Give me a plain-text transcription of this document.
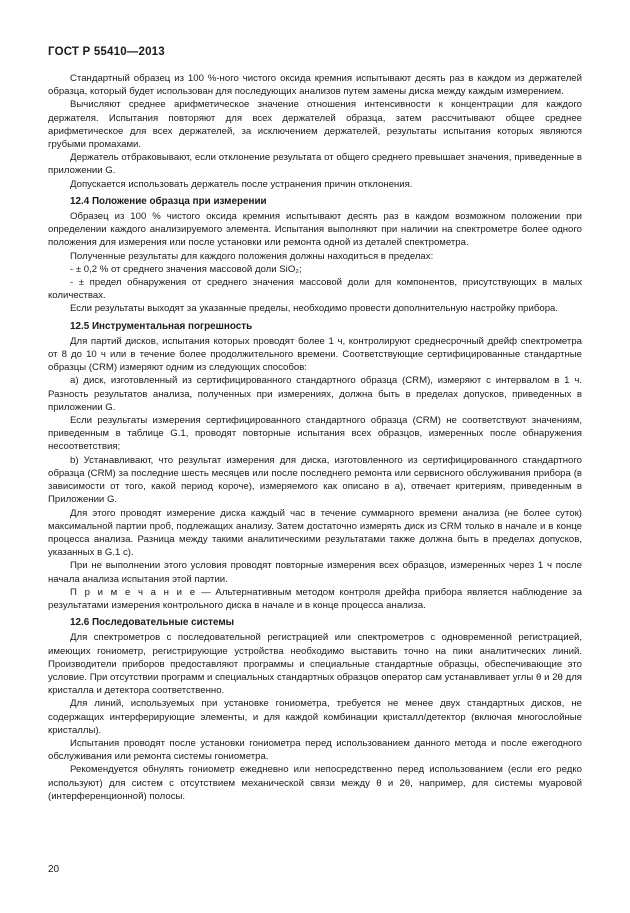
ГОСТ Р 55410—2013

Стандартный образец из 100 %-ного чистого оксида кремния испытывают десять раз в каждом из держателей образца, который будет использован для последующих анализов путем замены диска между каждым измерением.

Вычисляют среднее арифметическое значение отношения интенсивности к концентрации для каждого держателя. Испытания повторяют для всех держателей образца, затем рассчитывают общее среднее арифметическое для всех держателей, за исключением держателей, результаты испытания которых являются грубыми промахами.

Держатель отбраковывают, если отклонение результата от общего среднего превышает значения, приведенные в приложении G.

Допускается использовать держатель после устранения причин отклонения.

12.4 Положение образца при измерении

Образец из 100 % чистого оксида кремния испытывают десять раз в каждом возможном положении при определении каждого анализируемого элемента. Испытания выполняют при наличии на спектрометре более одного положения для измерения или после установки или ремонта одной из деталей спектрометра.

Полученные результаты для каждого положения должны находиться в пределах:

- ± 0,2 % от среднего значения массовой доли SiO₂;

- ± предел обнаружения от среднего значения массовой доли для компонентов, присутствующих в малых количествах.

Если результаты выходят за указанные пределы, необходимо провести дополнительную настройку прибора.

12.5 Инструментальная погрешность

Для партий дисков, испытания которых проводят более 1 ч, контролируют среднесрочный дрейф спектрометра от 8 до 10 ч или в течение более продолжительного времени. Соответствующие сертифицированные стандартные образцы (CRM) измеряют одним из следующих способов:

a) диск, изготовленный из сертифицированного стандартного образца (CRM), измеряют с интервалом в 1 ч. Разность результатов анализа, полученных при измерениях, должна быть в пределах допусков, приведенных в приложении G.

Если результаты измерения сертифицированного стандартного образца (CRM) не соответствуют значениям, приведенным в таблице G.1, проводят повторные испытания всех образцов, измеренных после обнаружения несоответствия;

b) Устанавливают, что результат измерения для диска, изготовленного из сертифицированного стандартного образца (CRM) за последние шесть месяцев или после последнего ремонта или сервисного обслуживания прибора (в зависимости от того, какой период короче), измеряемого как описано в a), отвечает критериям, приведенным в Приложении G.

Для этого проводят измерение диска каждый час в течение суммарного времени анализа (не более суток) максимальной партии проб, подлежащих анализу. Затем достаточно измерять диск из CRM только в начале и в конце процесса анализа. Разница между такими аналитическими результатами также должна быть в пределах допусков, указанных в G.1 c).

При не выполнении этого условия проводят повторные измерения всех образцов, измеренных через 1 ч после начала анализа испытания этой партии.

П р и м е ч а н и е — Альтернативным методом контроля дрейфа прибора является наблюдение за результатами измерения контрольного диска в начале и в конце процесса анализа.

12.6 Последовательные системы

Для спектрометров с последовательной регистрацией или спектрометров с одновременной регистрацией, имеющих гониометр, регистрирующие устройства необходимо выставить точно на пики аналитических линий. Производители приборов предоставляют программы и специальные стандартные образцы, обеспечивающие это условие. При отсутствии программ и специальных стандартных образцов оператор сам устанавливает углы θ и 2θ для кристалла и детектора соответственно.

Для линий, используемых при установке гониометра, требуется не менее двух стандартных дисков, не содержащих интерферирующие элементы, и для каждой комбинации кристалл/детектор (включая многослойные кристаллы).

Испытания проводят после установки гониометра перед использованием данного метода и после ежегодного обслуживания или ремонта системы гониометра.

Рекомендуется обнулять гониометр ежедневно или непосредственно перед использованием (если его редко используют) для систем с отсутствием механической связи между θ и 2θ, например, для системы муаровой (интерференционной) полосы.

20
